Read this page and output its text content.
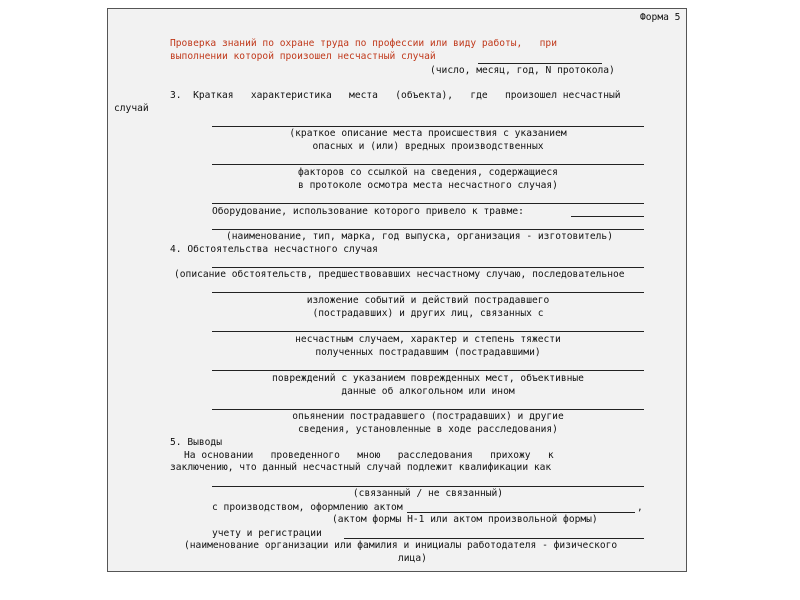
Форма 5
Проверка знаний по охране труда по профессии или виду работы,   при
выполнении которой произошел несчастный случай
(число, месяц, год, N протокола)
3.  Краткая   характеристика   места   (объекта),   где   произошел несчастный
случай
(краткое описание места происшествия с указанием
опасных и (или) вредных производственных
факторов со ссылкой на сведения, содержащиеся
в протоколе осмотра места несчастного случая)
Оборудование, использование которого привело к травме:
(наименование, тип, марка, год выпуска, организация - изготовитель)
4. Обстоятельства несчастного случая
(описание обстоятельств, предшествовавших несчастному случаю, последовательное
изложение событий и действий пострадавшего
(пострадавших) и других лиц, связанных с
несчастным случаем, характер и степень тяжести
полученных пострадавшим (пострадавшими)
повреждений с указанием поврежденных мест, объективные
данные об алкогольном или ином
опьянении пострадавшего (пострадавших) и другие
сведения, установленные в ходе расследования)
5. Выводы
На основании   проведенного   мною   расследования   прихожу   к
заключению, что данный несчастный случай подлежит квалификации как
(связанный / не связанный)
с производством, оформлению актом	,
(актом формы Н-1 или актом произвольной формы)
учету и регистрации
(наименование организации или фамилия и инициалы работодателя - физического
лица)
